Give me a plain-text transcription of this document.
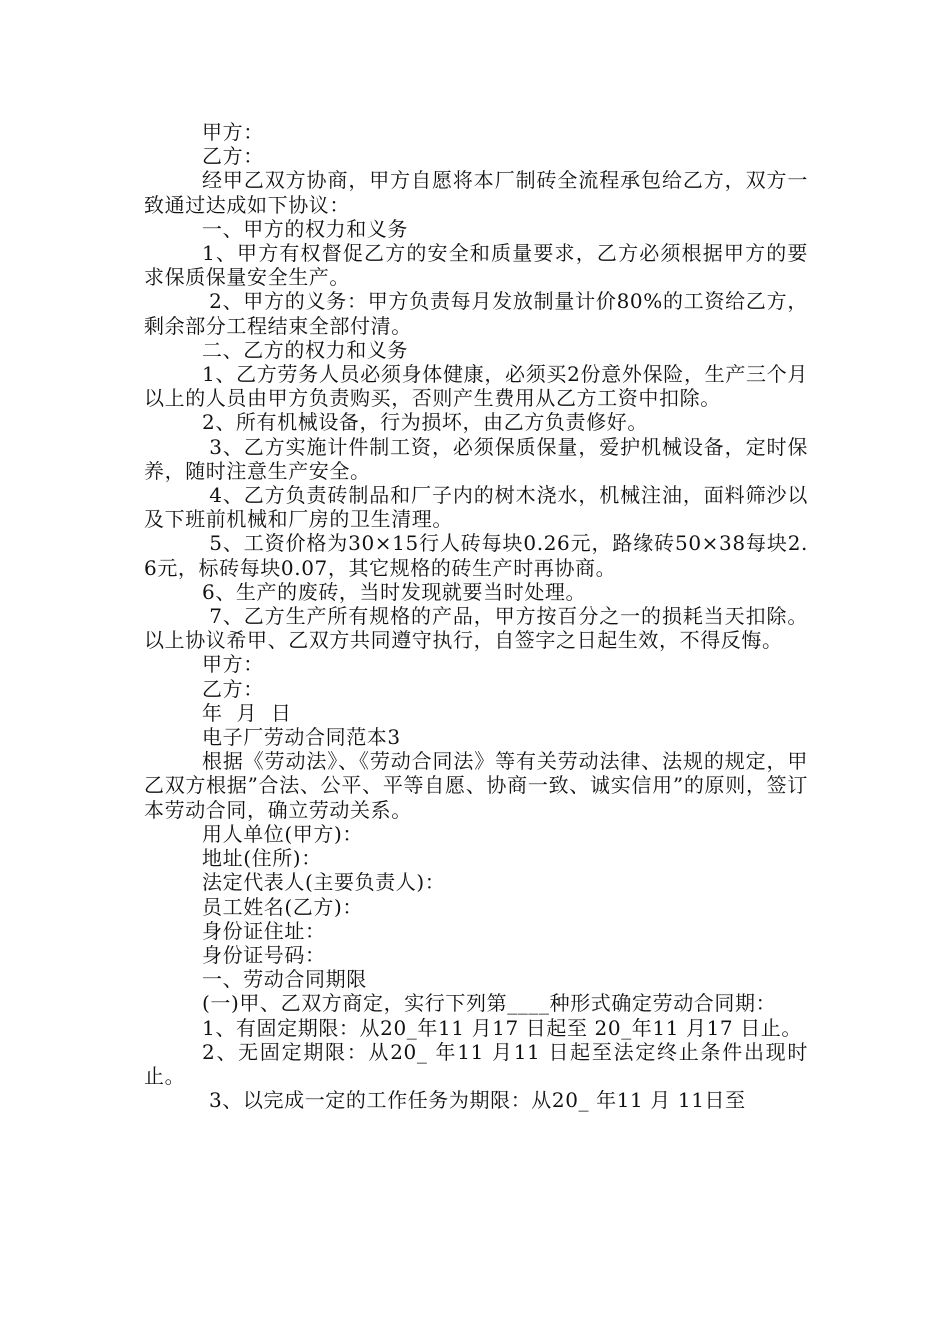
甲方：

乙方：

经甲乙双方协商，甲方自愿将本厂制砖全流程承包给乙方，双方一致通过达成如下协议：

一、甲方的权力和义务

1、甲方有权督促乙方的安全和质量要求，乙方必须根据甲方的要求保质保量安全生产。

2、甲方的义务：甲方负责每月发放制量计价80%的工资给乙方，剩余部分工程结束全部付清。

二、乙方的权力和义务

1、乙方劳务人员必须身体健康，必须买2份意外保险，生产三个月以上的人员由甲方负责购买，否则产生费用从乙方工资中扣除。

2、所有机械设备，行为损坏，由乙方负责修好。

3、乙方实施计件制工资，必须保质保量，爱护机械设备，定时保养，随时注意生产安全。

4、乙方负责砖制品和厂子内的树木浇水，机械注油，面料筛沙以及下班前机械和厂房的卫生清理。

5、工资价格为30×15行人砖每块0.26元，路缘砖50×38每块2.6元，标砖每块0.07，其它规格的砖生产时再协商。

6、生产的废砖，当时发现就要当时处理。

7、乙方生产所有规格的产品，甲方按百分之一的损耗当天扣除。 以上协议希甲、乙双方共同遵守执行，自签字之日起生效，不得反悔。

甲方：

乙方：

年  月  日

电子厂劳动合同范本3

根据《劳动法》、《劳动合同法》等有关劳动法律、法规的规定，甲乙双方根据”合法、公平、平等自愿、协商一致、诚实信用”的原则，签订本劳动合同，确立劳动关系。

用人单位(甲方)：

地址(住所)：

法定代表人(主要负责人)：

员工姓名(乙方)：

身份证住址：

身份证号码：

一、劳动合同期限

(一)甲、乙双方商定，实行下列第____种形式确定劳动合同期：

1、有固定期限：从20_年11 月17 日起至 20_年11 月17 日止。

2、无固定期限：从20_ 年11 月11 日起至法定终止条件出现时止。

3、以完成一定的工作任务为期限：从20_ 年11 月 11日至
